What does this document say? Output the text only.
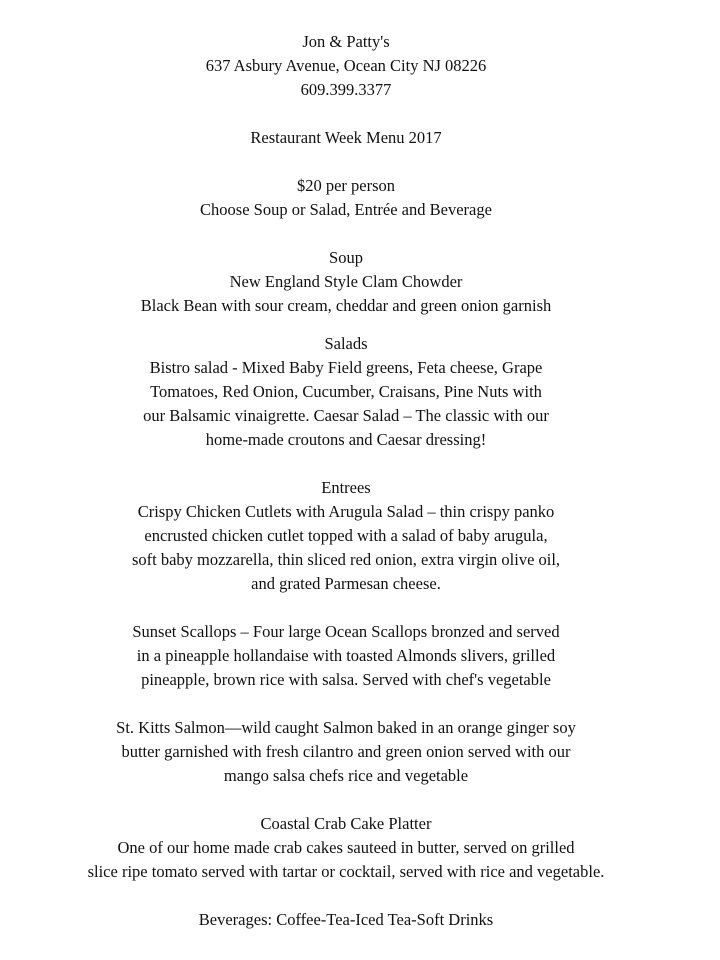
Jon & Patty's
637 Asbury Avenue, Ocean City NJ 08226
609.399.3377
Restaurant Week Menu 2017
$20 per person
Choose Soup or Salad, Entrée and Beverage
Soup
New England Style Clam Chowder
Black Bean with sour cream, cheddar and green onion garnish
Salads
Bistro salad - Mixed Baby Field greens, Feta cheese, Grape
Tomatoes, Red Onion, Cucumber, Craisans, Pine Nuts with
our Balsamic vinaigrette. Caesar Salad – The classic with our
home-made croutons and Caesar dressing!
Entrees
Crispy Chicken Cutlets with Arugula Salad – thin crispy panko
encrusted chicken cutlet topped with a salad of baby arugula,
soft baby mozzarella, thin sliced red onion, extra virgin olive oil,
and grated Parmesan cheese.
Sunset Scallops – Four large Ocean Scallops bronzed and served
in a pineapple hollandaise with toasted Almonds slivers, grilled
pineapple, brown rice with salsa. Served with chef's vegetable
St. Kitts Salmon—wild caught Salmon baked in an orange ginger soy
butter garnished with fresh cilantro and green onion served with our
mango salsa chefs rice and vegetable
Coastal Crab Cake Platter
One of our home made crab cakes sauteed in butter, served on grilled
slice ripe tomato served with tartar or cocktail, served with rice and vegetable.
Beverages: Coffee-Tea-Iced Tea-Soft Drinks
